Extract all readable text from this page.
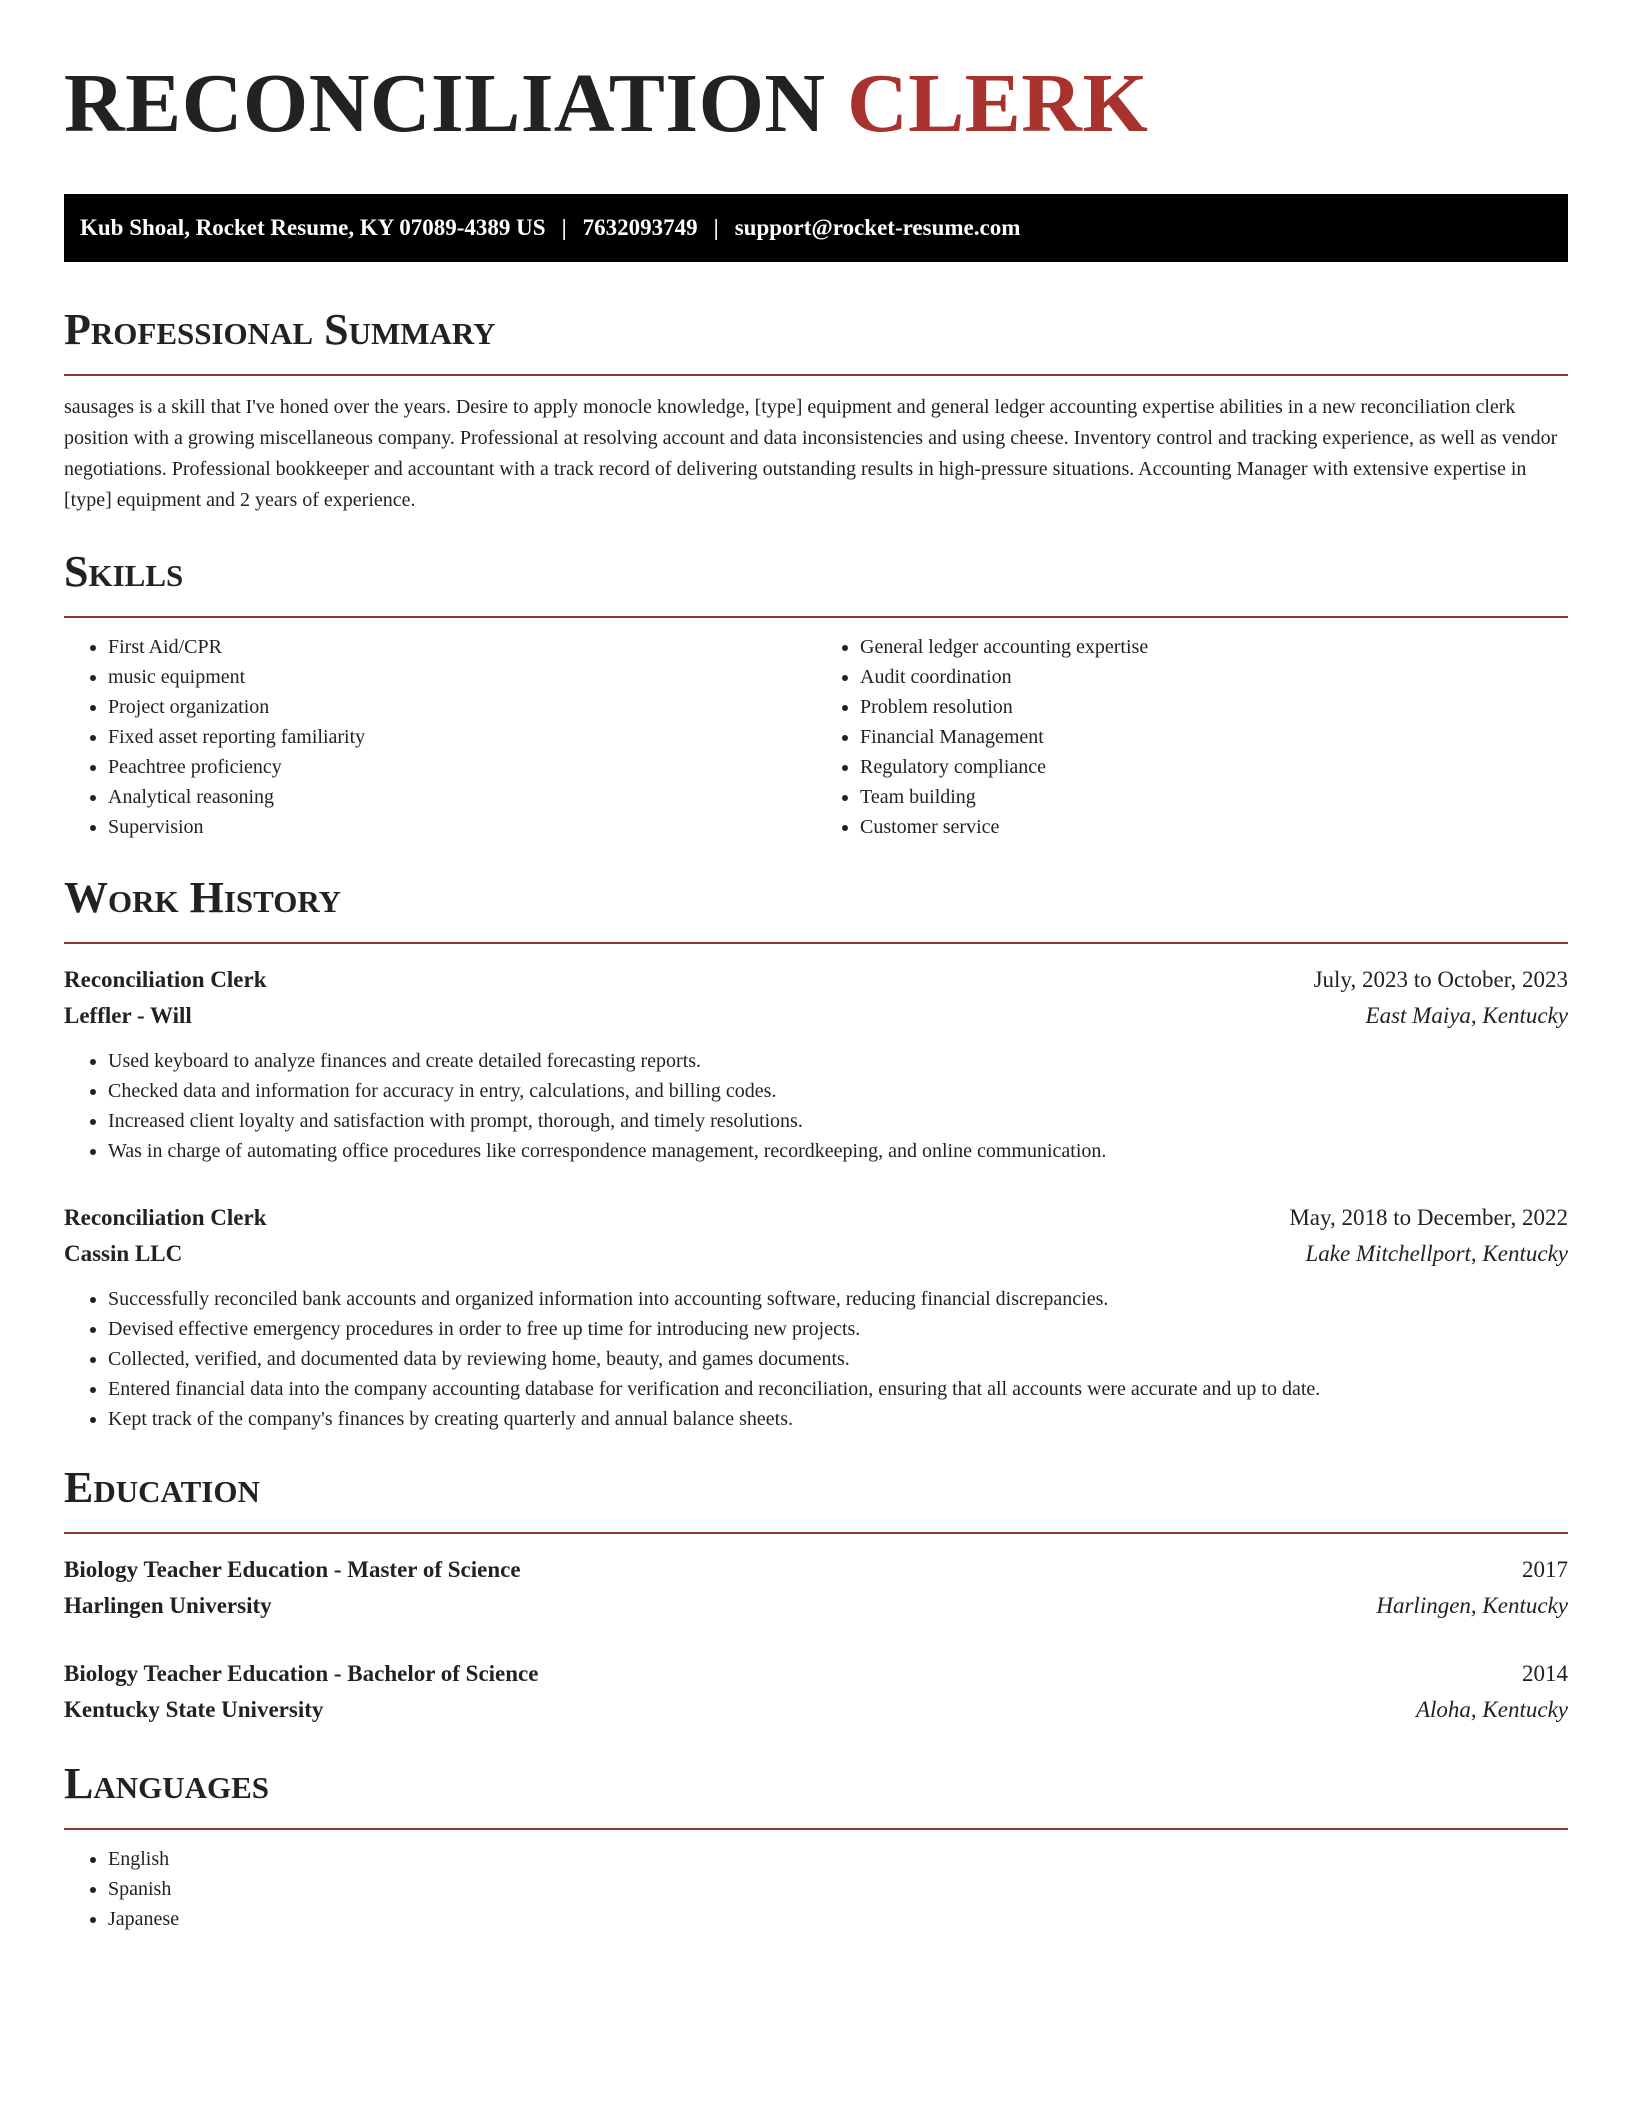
RECONCILIATION CLERK
Kub Shoal, Rocket Resume, KY 07089-4389 US | 7632093749 | support@rocket-resume.com
Professional Summary

sausages is a skill that I've honed over the years. Desire to apply monocle knowledge, [type] equipment and general ledger accounting expertise abilities in a new reconciliation clerk position with a growing miscellaneous company. Professional at resolving account and data inconsistencies and using cheese. Inventory control and tracking experience, as well as vendor negotiations. Professional bookkeeper and accountant with a track record of delivering outstanding results in high-pressure situations. Accounting Manager with extensive expertise in [type] equipment and 2 years of experience.

Skills
• First Aid/CPR
• music equipment
• Project organization
• Fixed asset reporting familiarity
• Peachtree proficiency
• Analytical reasoning
• Supervision
• General ledger accounting expertise
• Audit coordination
• Problem resolution
• Financial Management
• Regulatory compliance
• Team building
• Customer service
Work History
Reconciliation Clerk	July, 2023 to October, 2023
Leffler - Will	East Maiya, Kentucky
• Used keyboard to analyze finances and create detailed forecasting reports.
• Checked data and information for accuracy in entry, calculations, and billing codes.
• Increased client loyalty and satisfaction with prompt, thorough, and timely resolutions.
• Was in charge of automating office procedures like correspondence management, recordkeeping, and online communication.
Reconciliation Clerk	May, 2018 to December, 2022
Cassin LLC	Lake Mitchellport, Kentucky
• Successfully reconciled bank accounts and organized information into accounting software, reducing financial discrepancies.
• Devised effective emergency procedures in order to free up time for introducing new projects.
• Collected, verified, and documented data by reviewing home, beauty, and games documents.
• Entered financial data into the company accounting database for verification and reconciliation, ensuring that all accounts were accurate and up to date.
• Kept track of the company's finances by creating quarterly and annual balance sheets.
Education
Biology Teacher Education - Master of Science	2017
Harlingen University	Harlingen, Kentucky
Biology Teacher Education - Bachelor of Science	2014
Kentucky State University	Aloha, Kentucky
Languages
• English
• Spanish
• Japanese
